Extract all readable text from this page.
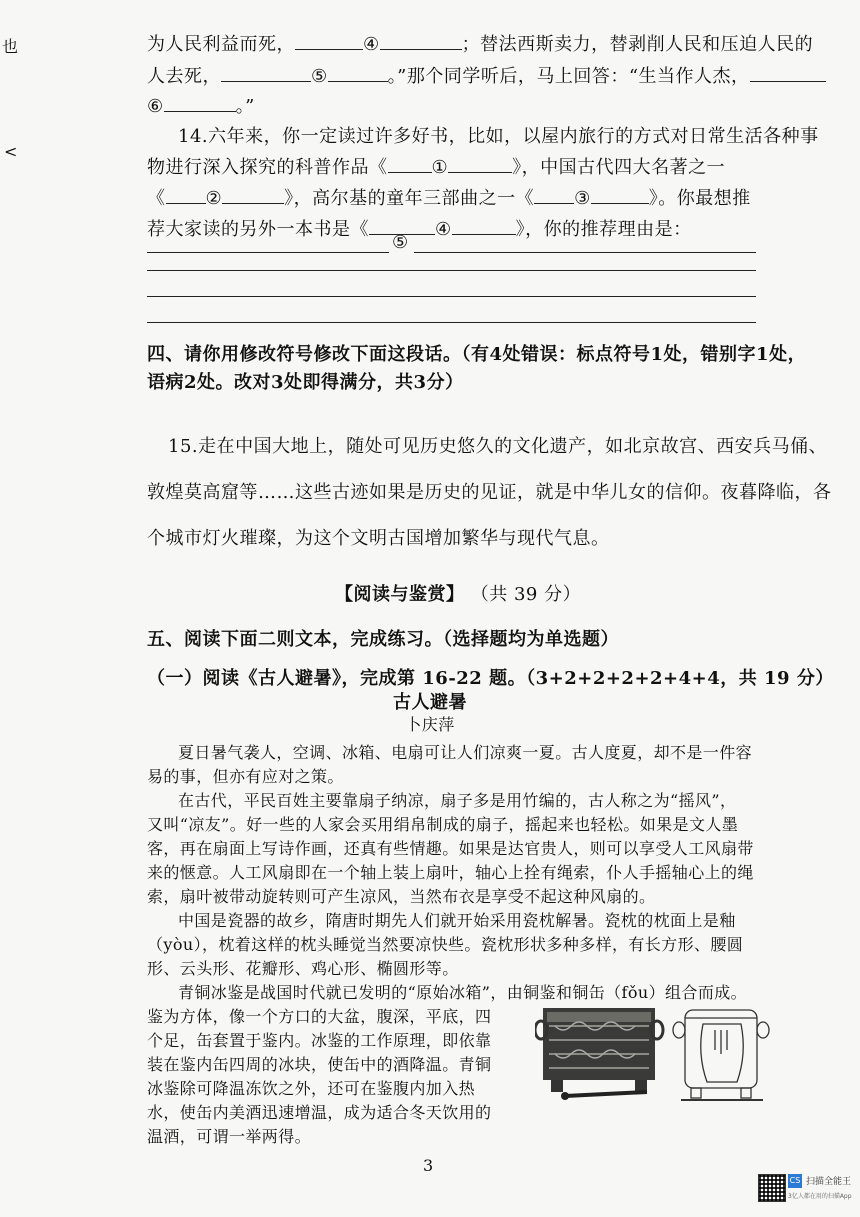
也
<
为人民利益而死，	④	；替法西斯卖力，替剥削人民和压迫人民的
人去死，	⑤	。”那个同学听后，马上回答：“生当作人杰，
⑥	。”
14.六年来，你一定读过许多好书，比如，以屋内旅行的方式对日常生活各种事
物进行深入探究的科普作品《 ①	》，中国古代四大名著之一
《 ②	》，高尔基的童年三部曲之一《 ③	》。你最想推
荐大家读的另外一本书是《	④	》，你的推荐理由是：
⑤
四、请你用修改符号修改下面这段话。（有4处错误：标点符号1处，错别字1处，
语病2处。改对3处即得满分，共3分）
15.走在中国大地上，随处可见历史悠久的文化遗产，如北京故宫、西安兵马俑、
敦煌莫高窟等……这些古迹如果是历史的见证，就是中华儿女的信仰。夜暮降临，各
个城市灯火璀璨，为这个文明古国增加繁华与现代气息。
【阅读与鉴赏】 （共 39 分）
五、阅读下面二则文本，完成练习。（选择题均为单选题）
（一）阅读《古人避暑》，完成第 16-22 题。（3+2+2+2+2+4+4，共 19 分）
古人避暑
卜庆萍
夏日暑气袭人，空调、冰箱、电扇可让人们凉爽一夏。古人度夏，却不是一件容
易的事，但亦有应对之策。
在古代，平民百姓主要靠扇子纳凉，扇子多是用竹编的，古人称之为“摇风”，
又叫“凉友”。好一些的人家会买用绢帛制成的扇子，摇起来也轻松。如果是文人墨
客，再在扇面上写诗作画，还真有些情趣。如果是达官贵人，则可以享受人工风扇带
来的惬意。人工风扇即在一个轴上装上扇叶，轴心上拴有绳索，仆人手摇轴心上的绳
索，扇叶被带动旋转则可产生凉风，当然布衣是享受不起这种风扇的。
中国是瓷器的故乡，隋唐时期先人们就开始采用瓷枕解暑。瓷枕的枕面上是釉
（yòu），枕着这样的枕头睡觉当然要凉快些。瓷枕形状多种多样，有长方形、腰圆
形、云头形、花瓣形、鸡心形、椭圆形等。
青铜冰鉴是战国时代就已发明的“原始冰箱”，由铜鉴和铜缶（fǒu）组合而成。
鉴为方体，像一个方口的大盆，腹深，平底，四
个足，缶套置于鉴内。冰鉴的工作原理，即依靠
装在鉴内缶四周的冰块，使缶中的酒降温。青铜
冰鉴除可降温冻饮之外，还可在鉴腹内加入热
水，使缶内美酒迅速增温，成为适合冬天饮用的
温酒，可谓一举两得。
3
CS 扫描全能王
3亿人都在用的扫描App
